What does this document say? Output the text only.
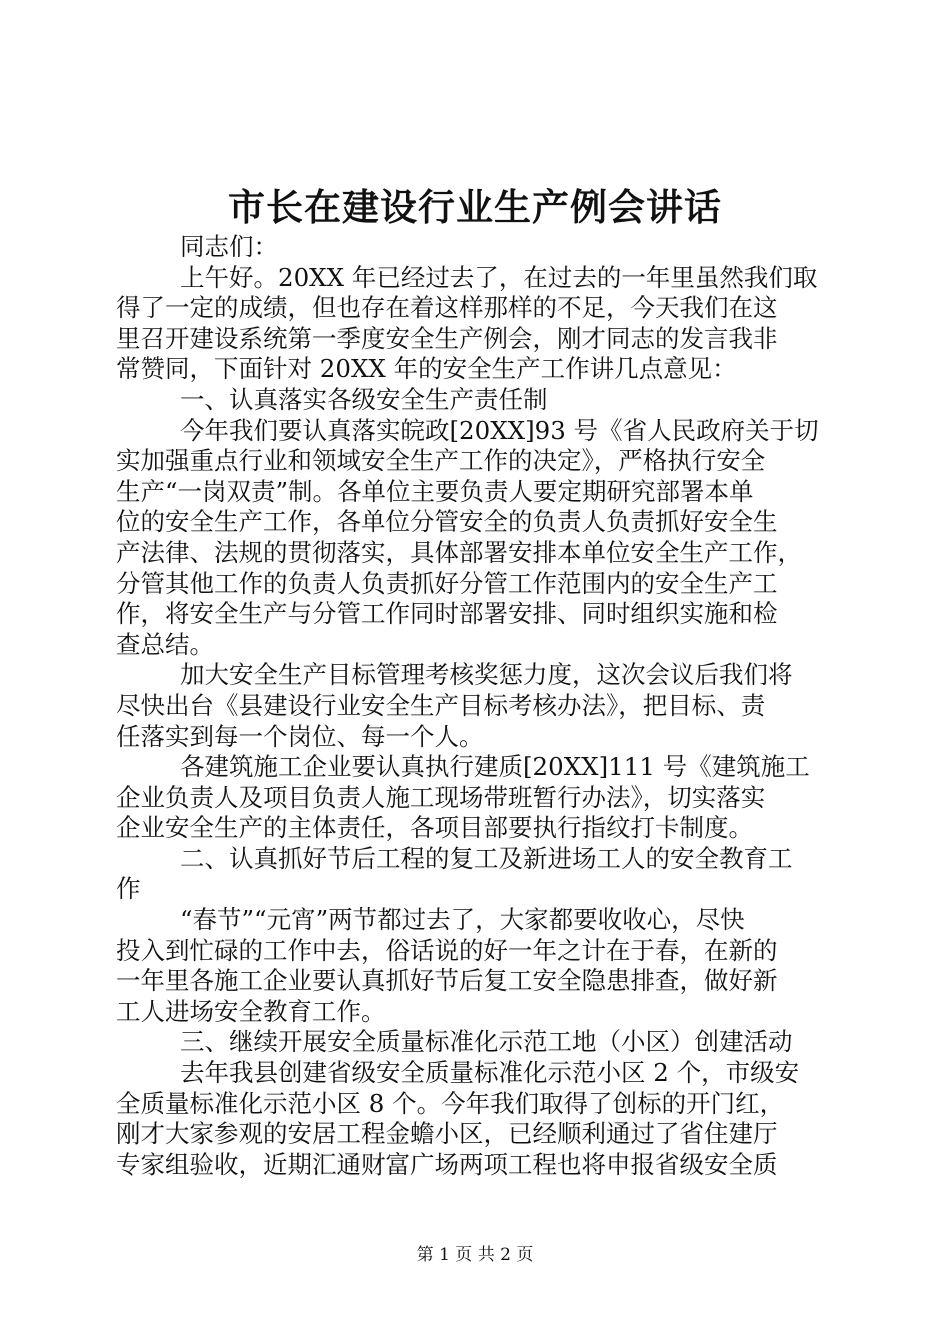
市长在建设行业生产例会讲话
同志们：
上午好。20XX 年已经过去了，在过去的一年里虽然我们取
得了一定的成绩，但也存在着这样那样的不足，今天我们在这
里召开建设系统第一季度安全生产例会，刚才同志的发言我非
常赞同，下面针对 20XX 年的安全生产工作讲几点意见：
一、认真落实各级安全生产责任制
今年我们要认真落实皖政[20XX]93 号《省人民政府关于切
实加强重点行业和领域安全生产工作的决定》，严格执行安全
生产“一岗双责”制。各单位主要负责人要定期研究部署本单
位的安全生产工作，各单位分管安全的负责人负责抓好安全生
产法律、法规的贯彻落实，具体部署安排本单位安全生产工作，
分管其他工作的负责人负责抓好分管工作范围内的安全生产工
作，将安全生产与分管工作同时部署安排、同时组织实施和检
查总结。
加大安全生产目标管理考核奖惩力度，这次会议后我们将
尽快出台《县建设行业安全生产目标考核办法》，把目标、责
任落实到每一个岗位、每一个人。
各建筑施工企业要认真执行建质[20XX]111 号《建筑施工
企业负责人及项目负责人施工现场带班暂行办法》，切实落实
企业安全生产的主体责任，各项目部要执行指纹打卡制度。
二、认真抓好节后工程的复工及新进场工人的安全教育工
作
“春节”“元宵”两节都过去了，大家都要收收心，尽快
投入到忙碌的工作中去，俗话说的好一年之计在于春，在新的
一年里各施工企业要认真抓好节后复工安全隐患排查，做好新
工人进场安全教育工作。
三、继续开展安全质量标准化示范工地（小区）创建活动
去年我县创建省级安全质量标准化示范小区 2 个，市级安
全质量标准化示范小区 8 个。今年我们取得了创标的开门红，
刚才大家参观的安居工程金蟾小区，已经顺利通过了省住建厅
专家组验收，近期汇通财富广场两项工程也将申报省级安全质
第 1 页 共 2 页
